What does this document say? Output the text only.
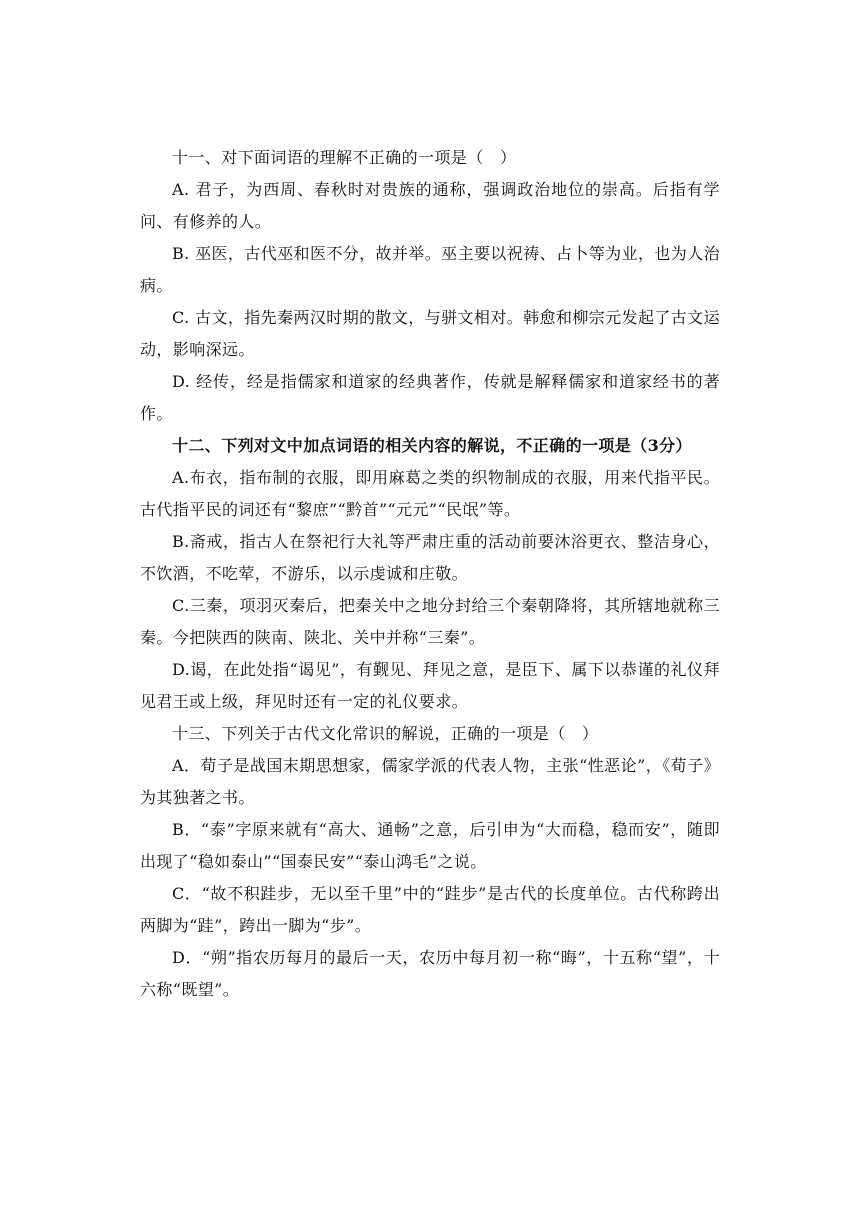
十一、对下面词语的理解不正确的一项是（　）

A. 君子，为西周、春秋时对贵族的通称，强调政治地位的崇高。后指有学问、有修养的人。

B. 巫医，古代巫和医不分，故并举。巫主要以祝祷、占卜等为业，也为人治病。

C. 古文，指先秦两汉时期的散文，与骈文相对。韩愈和柳宗元发起了古文运动，影响深远。

D. 经传，经是指儒家和道家的经典著作，传就是解释儒家和道家经书的著作。

十二、下列对文中加点词语的相关内容的解说，不正确的一项是（3分）

A.布衣，指布制的衣服，即用麻葛之类的织物制成的衣服，用来代指平民。古代指平民的词还有“黎庶”“黔首”“元元”“民氓”等。

B.斋戒，指古人在祭祀行大礼等严肃庄重的活动前要沐浴更衣、整洁身心，不饮酒，不吃荤，不游乐，以示虔诚和庄敬。

C.三秦，项羽灭秦后，把秦关中之地分封给三个秦朝降将，其所辖地就称三秦。今把陕西的陕南、陕北、关中并称“三秦”。

D.谒，在此处指“谒见”，有觐见、拜见之意，是臣下、属下以恭谨的礼仪拜见君王或上级，拜见时还有一定的礼仪要求。

十三、下列关于古代文化常识的解说，正确的一项是（　）

A．荀子是战国末期思想家，儒家学派的代表人物，主张“性恶论”，《荀子》为其独著之书。

B．“泰”字原来就有“高大、通畅”之意，后引申为“大而稳，稳而安”，随即出现了“稳如泰山”“国泰民安”“泰山鸿毛”之说。

C．“故不积跬步，无以至千里”中的“跬步”是古代的长度单位。古代称跨出两脚为“跬”，跨出一脚为“步”。

D．“朔”指农历每月的最后一天，农历中每月初一称“晦”，十五称“望”，十六称“既望”。
